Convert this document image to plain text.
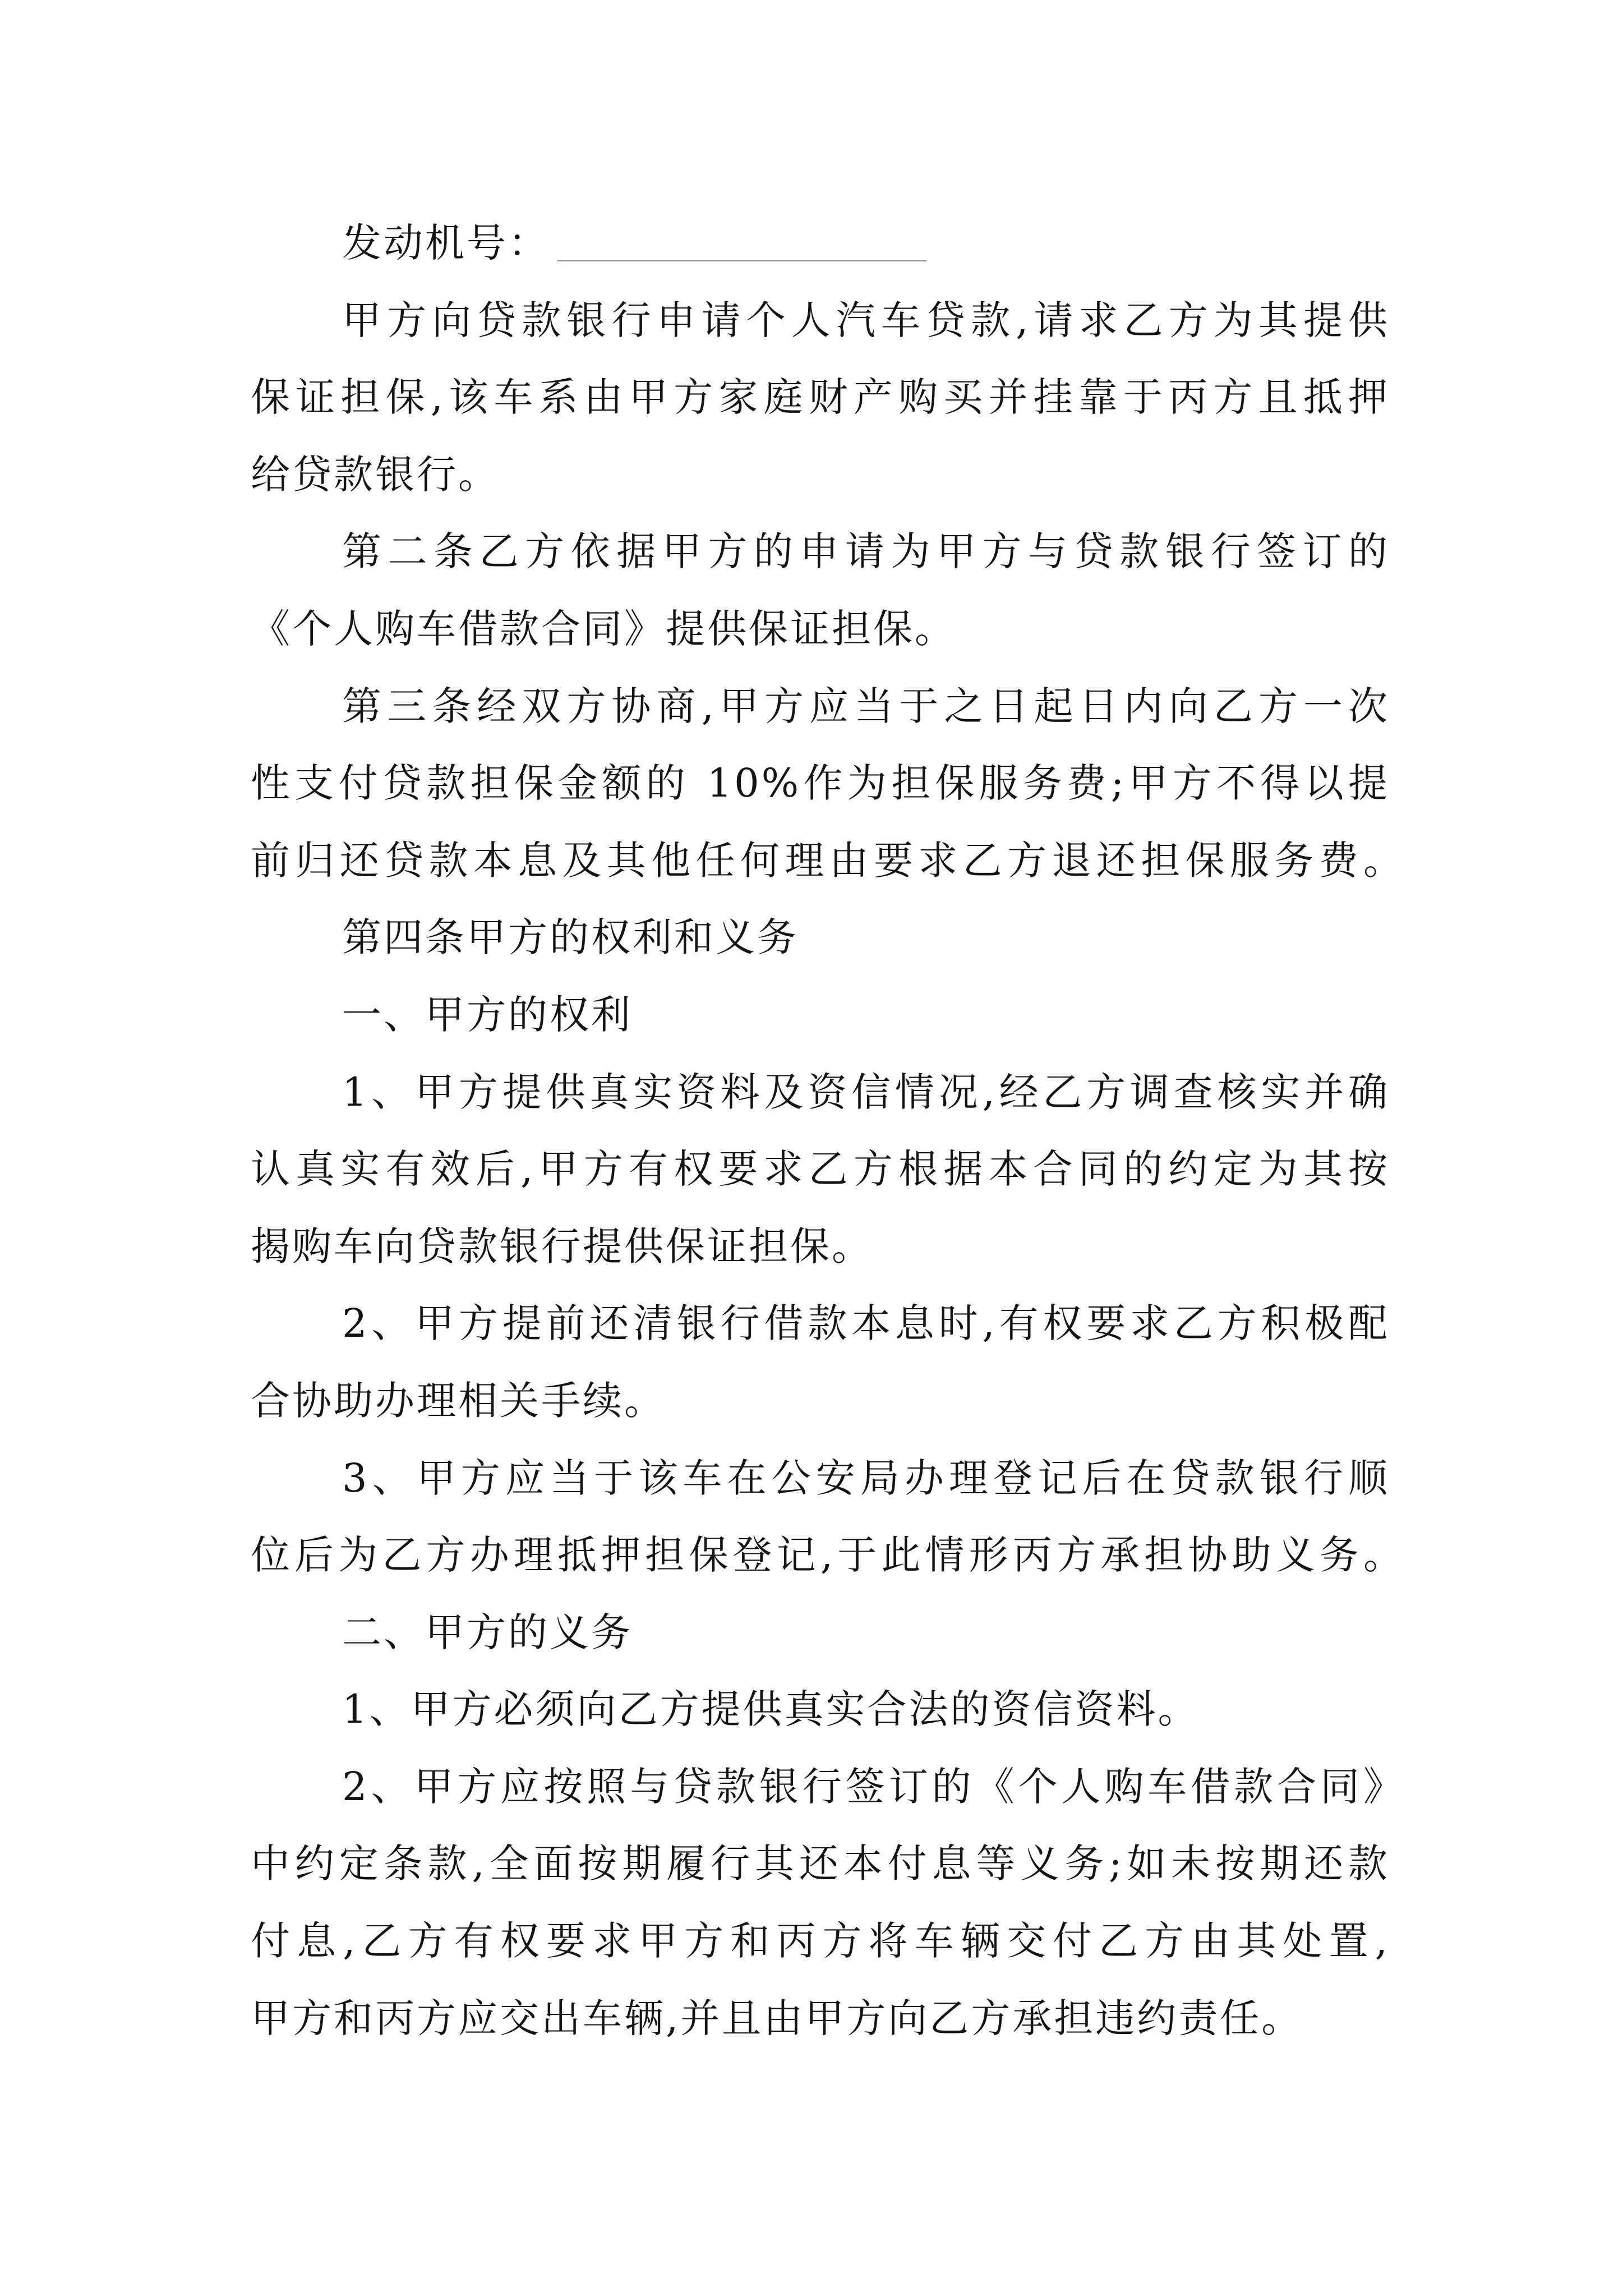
发动机号：
甲方向贷款银行申请个人汽车贷款,请求乙方为其提供
保证担保,该车系由甲方家庭财产购买并挂靠于丙方且抵押
给贷款银行。
第二条乙方依据甲方的申请为甲方与贷款银行签订的
《个人购车借款合同》提供保证担保。
第三条经双方协商,甲方应当于之日起日内向乙方一次
性支付贷款担保金额的 10%作为担保服务费;甲方不得以提
前归还贷款本息及其他任何理由要求乙方退还担保服务费。
第四条甲方的权利和义务
一、甲方的权利
1、甲方提供真实资料及资信情况,经乙方调查核实并确
认真实有效后,甲方有权要求乙方根据本合同的约定为其按
揭购车向贷款银行提供保证担保。
2、甲方提前还清银行借款本息时,有权要求乙方积极配
合协助办理相关手续。
3、甲方应当于该车在公安局办理登记后在贷款银行顺
位后为乙方办理抵押担保登记,于此情形丙方承担协助义务。
二、甲方的义务
1、甲方必须向乙方提供真实合法的资信资料。
2、甲方应按照与贷款银行签订的《个人购车借款合同》
中约定条款,全面按期履行其还本付息等义务;如未按期还款
付息,乙方有权要求甲方和丙方将车辆交付乙方由其处置,
甲方和丙方应交出车辆,并且由甲方向乙方承担违约责任。
